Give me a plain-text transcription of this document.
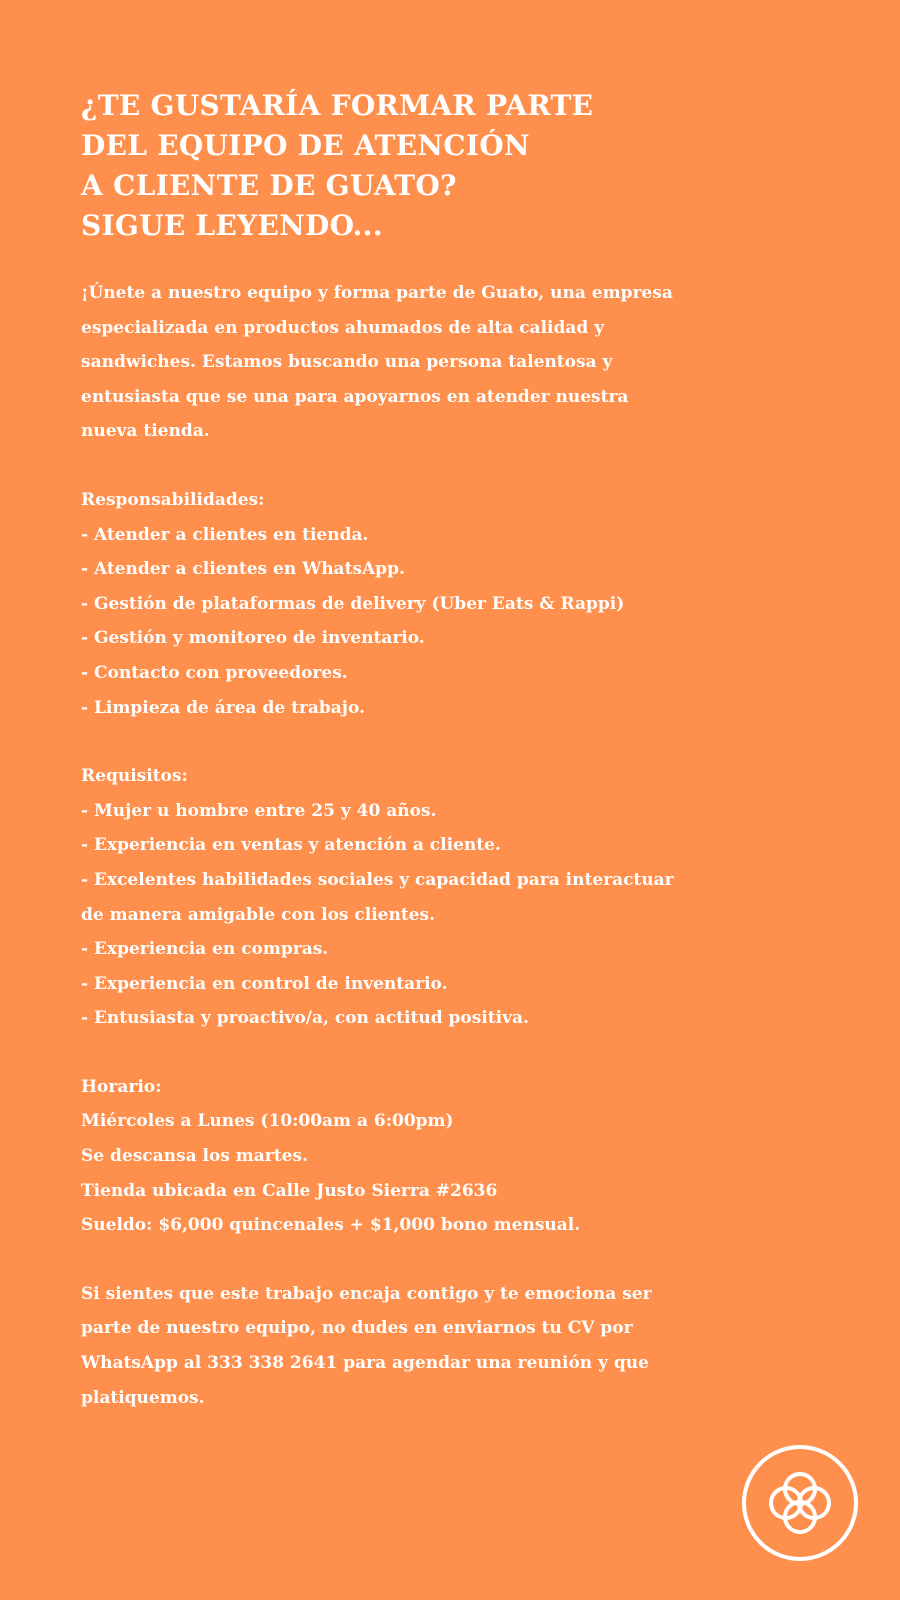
¿TE GUSTARÍA FORMAR PARTE
DEL EQUIPO DE ATENCIÓN
A CLIENTE DE GUATO?
SIGUE LEYENDO...

¡Únete a nuestro equipo y forma parte de Guato, una empresa
especializada en productos ahumados de alta calidad y
sandwiches. Estamos buscando una persona talentosa y
entusiasta que se una para apoyarnos en atender nuestra
nueva tienda.

Responsabilidades:
- Atender a clientes en tienda.
- Atender a clientes en WhatsApp.
- Gestión de plataformas de delivery (Uber Eats & Rappi)
- Gestión y monitoreo de inventario.
- Contacto con proveedores.
- Limpieza de área de trabajo.
Requisitos:
- Mujer u hombre entre 25 y 40 años.
- Experiencia en ventas y atención a cliente.
- Excelentes habilidades sociales y capacidad para interactuar
de manera amigable con los clientes.
- Experiencia en compras.
- Experiencia en control de inventario.
- Entusiasta y proactivo/a, con actitud positiva.
Horario:
Miércoles a Lunes (10:00am a 6:00pm)
Se descansa los martes.
Tienda ubicada en Calle Justo Sierra #2636
Sueldo: $6,000 quincenales + $1,000 bono mensual.

Si sientes que este trabajo encaja contigo y te emociona ser
parte de nuestro equipo, no dudes en enviarnos tu CV por
WhatsApp al 333 338 2641 para agendar una reunión y que
platiquemos.
